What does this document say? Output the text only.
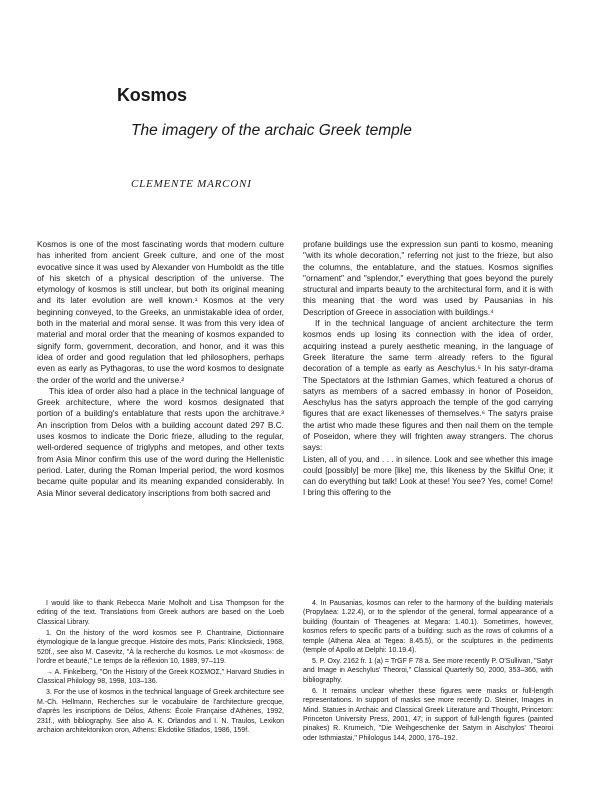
Kosmos
The imagery of the archaic Greek temple
CLEMENTE MARCONI

Kosmos is one of the most fascinating words that modern culture has inherited from ancient Greek culture, and one of the most evocative since it was used by Alexander von Humboldt as the title of his sketch of a physical description of the universe. The etymology of kosmos is still unclear, but both its original meaning and its later evolution are well known.¹ Kosmos at the very beginning conveyed, to the Greeks, an unmistakable idea of order, both in the material and moral sense. It was from this very idea of material and moral order that the meaning of kosmos expanded to signify form, government, decoration, and honor, and it was this idea of order and good regulation that led philosophers, perhaps even as early as Pythagoras, to use the word kosmos to designate the order of the world and the universe.²

This idea of order also had a place in the technical language of Greek architecture, where the word kosmos designated that portion of a building's entablature that rests upon the architrave.³ An inscription from Delos with a building account dated 297 B.C. uses kosmos to indicate the Doric frieze, alluding to the regular, well-ordered sequence of triglyphs and metopes, and other texts from Asia Minor confirm this use of the word during the Hellenistic period. Later, during the Roman Imperial period, the word kosmos became quite popular and its meaning expanded considerably. In Asia Minor several dedicatory inscriptions from both sacred and

profane buildings use the expression sun panti to kosmo, meaning "with its whole decoration," referring not just to the frieze, but also the columns, the entablature, and the statues. Kosmos signifies "ornament" and "splendor," everything that goes beyond the purely structural and imparts beauty to the architectural form, and it is with this meaning that the word was used by Pausanias in his Description of Greece in association with buildings.⁴

If in the technical language of ancient architecture the term kosmos ends up losing its connection with the idea of order, acquiring instead a purely aesthetic meaning, in the language of Greek literature the same term already refers to the figural decoration of a temple as early as Aeschylus.⁵ In his satyr-drama The Spectators at the Isthmian Games, which featured a chorus of satyrs as members of a sacred embassy in honor of Poseidon, Aeschylus has the satyrs approach the temple of the god carrying figures that are exact likenesses of themselves.⁶ The satyrs praise the artist who made these figures and then nail them on the temple of Poseidon, where they will frighten away strangers. The chorus says:

Listen, all of you, and . . . in silence. Look and see whether this image could [possibly] be more [like] me, this likeness by the Skilful One; it can do everything but talk! Look at these! You see? Yes, come! Come! I bring this offering to the

I would like to thank Rebecca Marie Molholt and Lisa Thompson for the editing of the text. Translations from Greek authors are based on the Loeb Classical Library.

1. On the history of the word kosmos see P. Chantraine, Dictionnaire étymologique de la langue grecque. Histoire des mots, Paris: Klincksieck, 1968, 520f., see also M. Casevitz, "À la recherche du kosmos. Le mot «kosmos»: de l'ordre et beauté," Le temps de la réflexion 10, 1989, 97–119.

→ A. Finkelberg, "On the History of the Greek KOΣMOΣ," Harvard Studies in Classical Philology 98, 1998, 103–136.

3. For the use of kosmos in the technical language of Greek architecture see M.-Ch. Hellmann, Recherches sur le vocabulaire de l'architecture grecque, d'après les inscriptions de Délos, Athens: École Française d'Athènes, 1992, 231f., with bibliography. See also A. K. Orlandos and I. N. Traulos, Lexikon archaion architektonikon oron, Athens: Ekdotike Stlados, 1986, 159f.

4. In Pausanias, kosmos can refer to the harmony of the building materials (Propylaea: 1.22.4), or to the splendor of the general, formal appearance of a building (fountain of Theagenes at Megara: 1.40.1). Sometimes, however, kosmos refers to specific parts of a building: such as the rows of columns of a temple (Athena Alea at Tegea: 8.45.5), or the sculptures in the pediments (temple of Apollo at Delphi: 10.19.4).

5. P. Oxy. 2162 fr. 1 (a) = TrGF F 78 a. See more recently P. O'Sullivan, "Satyr and Image in Aeschylus' Theoroi," Classical Quarterly 50, 2000, 353–366, with bibliography.

6. It remains unclear whether these figures were masks or full-length representations. In support of masks see more recently D. Steiner, Images in Mind. Statues in Archaic and Classical Greek Literature and Thought, Princeton: Princeton University Press, 2001, 47; in support of full-length figures (painted pinakes) R. Krumeich, "Die Weihgeschenke der Satyrn in Aischylos' Theoroi oder Isthmiastai," Philologus 144, 2000, 176–192.
